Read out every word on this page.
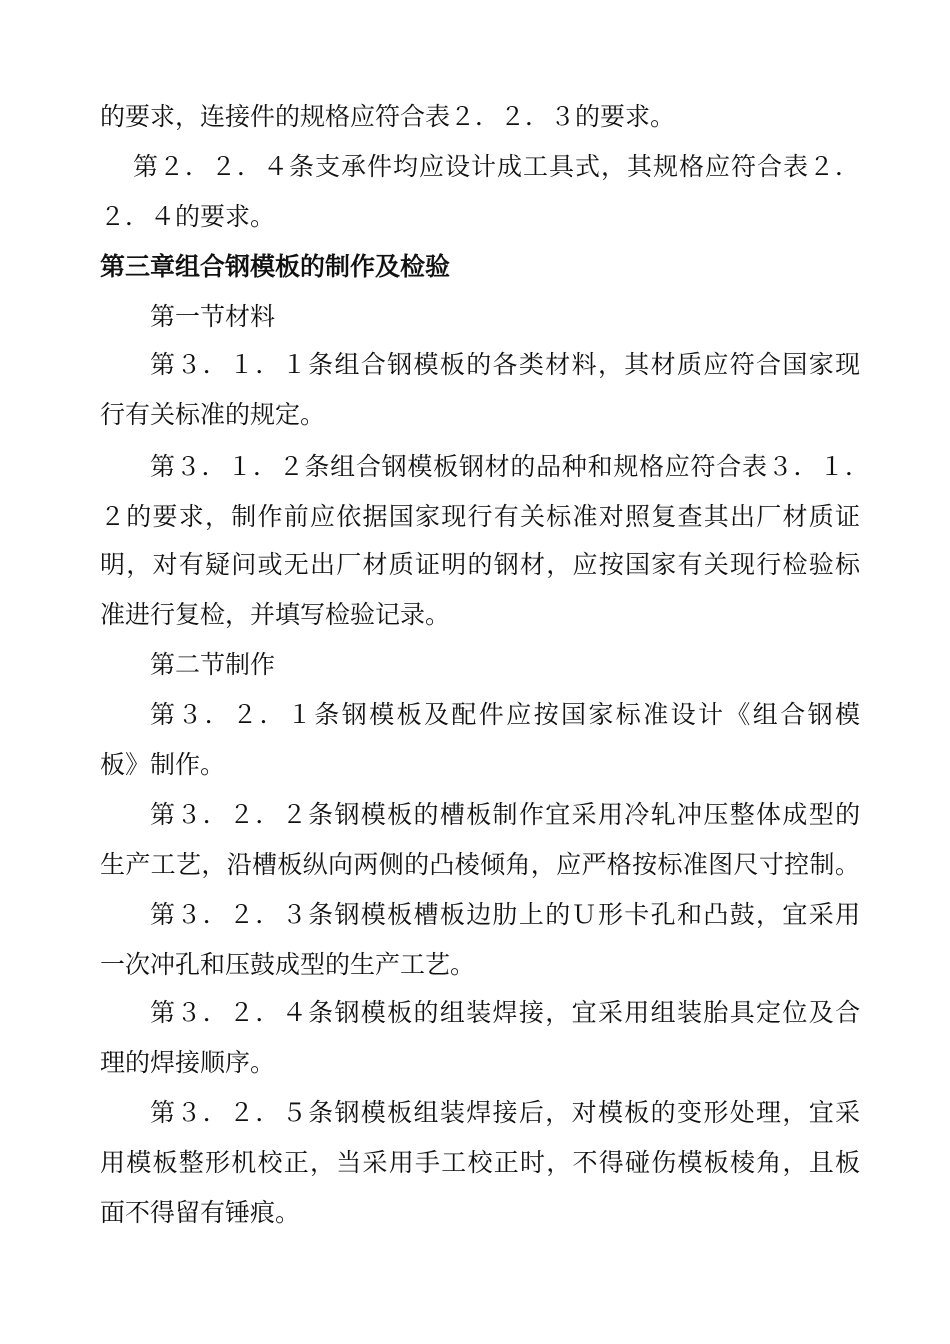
的要求，连接件的规格应符合表２．２．３的要求。
第２．２．４条支承件均应设计成工具式，其规格应符合表２．
２．４的要求。
第三章组合钢模板的制作及检验
第一节材料
第３．１．１条组合钢模板的各类材料，其材质应符合国家现
行有关标准的规定。
第３．１．２条组合钢模板钢材的品种和规格应符合表３．１．
２的要求，制作前应依据国家现行有关标准对照复查其出厂材质证
明，对有疑问或无出厂材质证明的钢材，应按国家有关现行检验标
准进行复检，并填写检验记录。
第二节制作
第３．２．１条钢模板及配件应按国家标准设计《组合钢模
板》制作。
第３．２．２条钢模板的槽板制作宜采用冷轧冲压整体成型的
生产工艺，沿槽板纵向两侧的凸棱倾角，应严格按标准图尺寸控制。
第３．２．３条钢模板槽板边肋上的Ｕ形卡孔和凸鼓，宜采用
一次冲孔和压鼓成型的生产工艺。
第３．２．４条钢模板的组装焊接，宜采用组装胎具定位及合
理的焊接顺序。
第３．２．５条钢模板组装焊接后，对模板的变形处理，宜采
用模板整形机校正，当采用手工校正时，不得碰伤模板棱角，且板
面不得留有锤痕。
